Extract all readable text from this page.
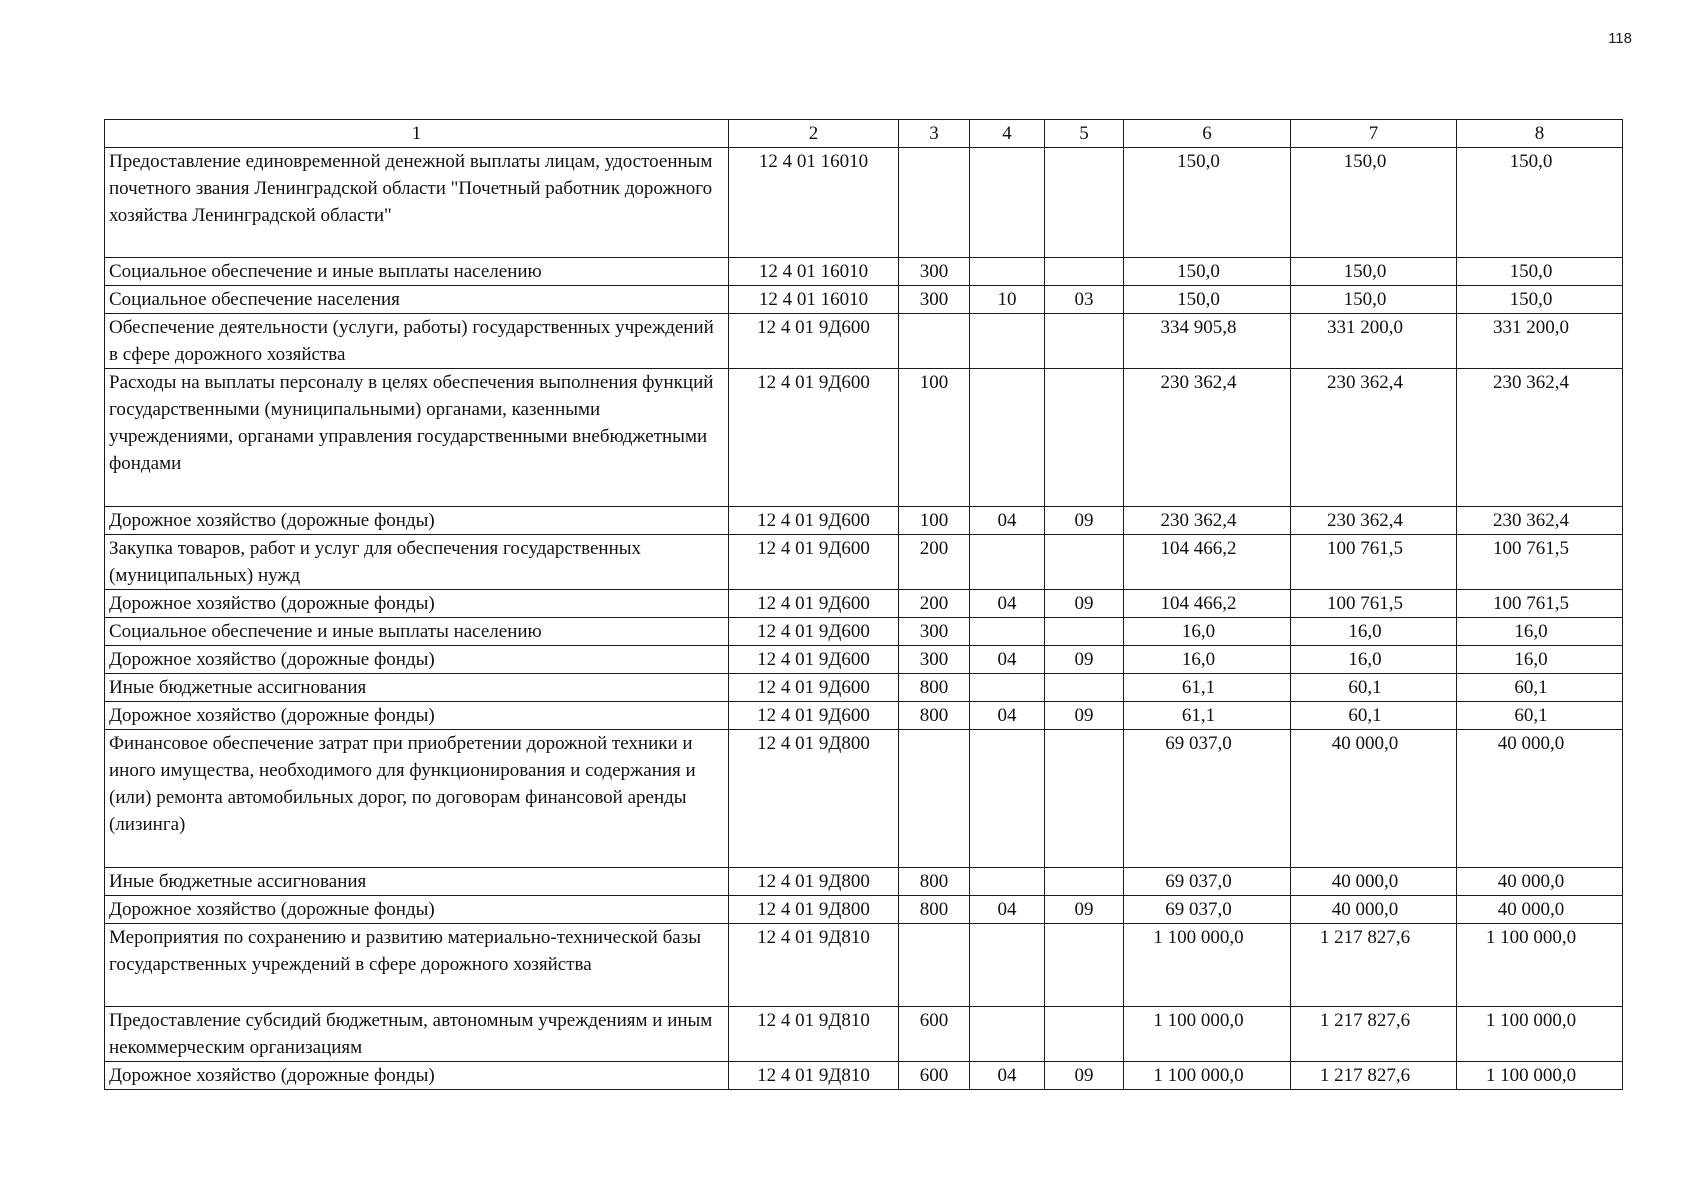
118
1	2	3	4	5	6	7	8
Предоставление единовременной денежной выплаты лицам, удостоенным почетного звания Ленинградской области "Почетный работник дорожного хозяйства Ленинградской области"	12 4 01 16010				150,0	150,0	150,0
Социальное обеспечение и иные выплаты населению	12 4 01 16010	300			150,0	150,0	150,0
Социальное обеспечение населения	12 4 01 16010	300	10	03	150,0	150,0	150,0
Обеспечение деятельности (услуги, работы) государственных учреждений в сфере дорожного хозяйства	12 4 01 9Д600				334 905,8	331 200,0	331 200,0
Расходы на выплаты персоналу в целях обеспечения выполнения функций государственными (муниципальными) органами, казенными учреждениями, органами управления государственными внебюджетными фондами	12 4 01 9Д600	100			230 362,4	230 362,4	230 362,4
Дорожное хозяйство (дорожные фонды)	12 4 01 9Д600	100	04	09	230 362,4	230 362,4	230 362,4
Закупка товаров, работ и услуг для обеспечения государственных (муниципальных) нужд	12 4 01 9Д600	200			104 466,2	100 761,5	100 761,5
Дорожное хозяйство (дорожные фонды)	12 4 01 9Д600	200	04	09	104 466,2	100 761,5	100 761,5
Социальное обеспечение и иные выплаты населению	12 4 01 9Д600	300			16,0	16,0	16,0
Дорожное хозяйство (дорожные фонды)	12 4 01 9Д600	300	04	09	16,0	16,0	16,0
Иные бюджетные ассигнования	12 4 01 9Д600	800			61,1	60,1	60,1
Дорожное хозяйство (дорожные фонды)	12 4 01 9Д600	800	04	09	61,1	60,1	60,1
Финансовое обеспечение затрат при приобретении дорожной техники и иного имущества, необходимого для функционирования и содержания и (или) ремонта автомобильных дорог, по договорам финансовой аренды (лизинга)	12 4 01 9Д800				69 037,0	40 000,0	40 000,0
Иные бюджетные ассигнования	12 4 01 9Д800	800			69 037,0	40 000,0	40 000,0
Дорожное хозяйство (дорожные фонды)	12 4 01 9Д800	800	04	09	69 037,0	40 000,0	40 000,0
Мероприятия по сохранению и развитию материально-технической базы государственных учреждений в сфере дорожного хозяйства	12 4 01 9Д810				1 100 000,0	1 217 827,6	1 100 000,0
Предоставление субсидий бюджетным, автономным учреждениям и иным некоммерческим организациям	12 4 01 9Д810	600			1 100 000,0	1 217 827,6	1 100 000,0
Дорожное хозяйство (дорожные фонды)	12 4 01 9Д810	600	04	09	1 100 000,0	1 217 827,6	1 100 000,0
